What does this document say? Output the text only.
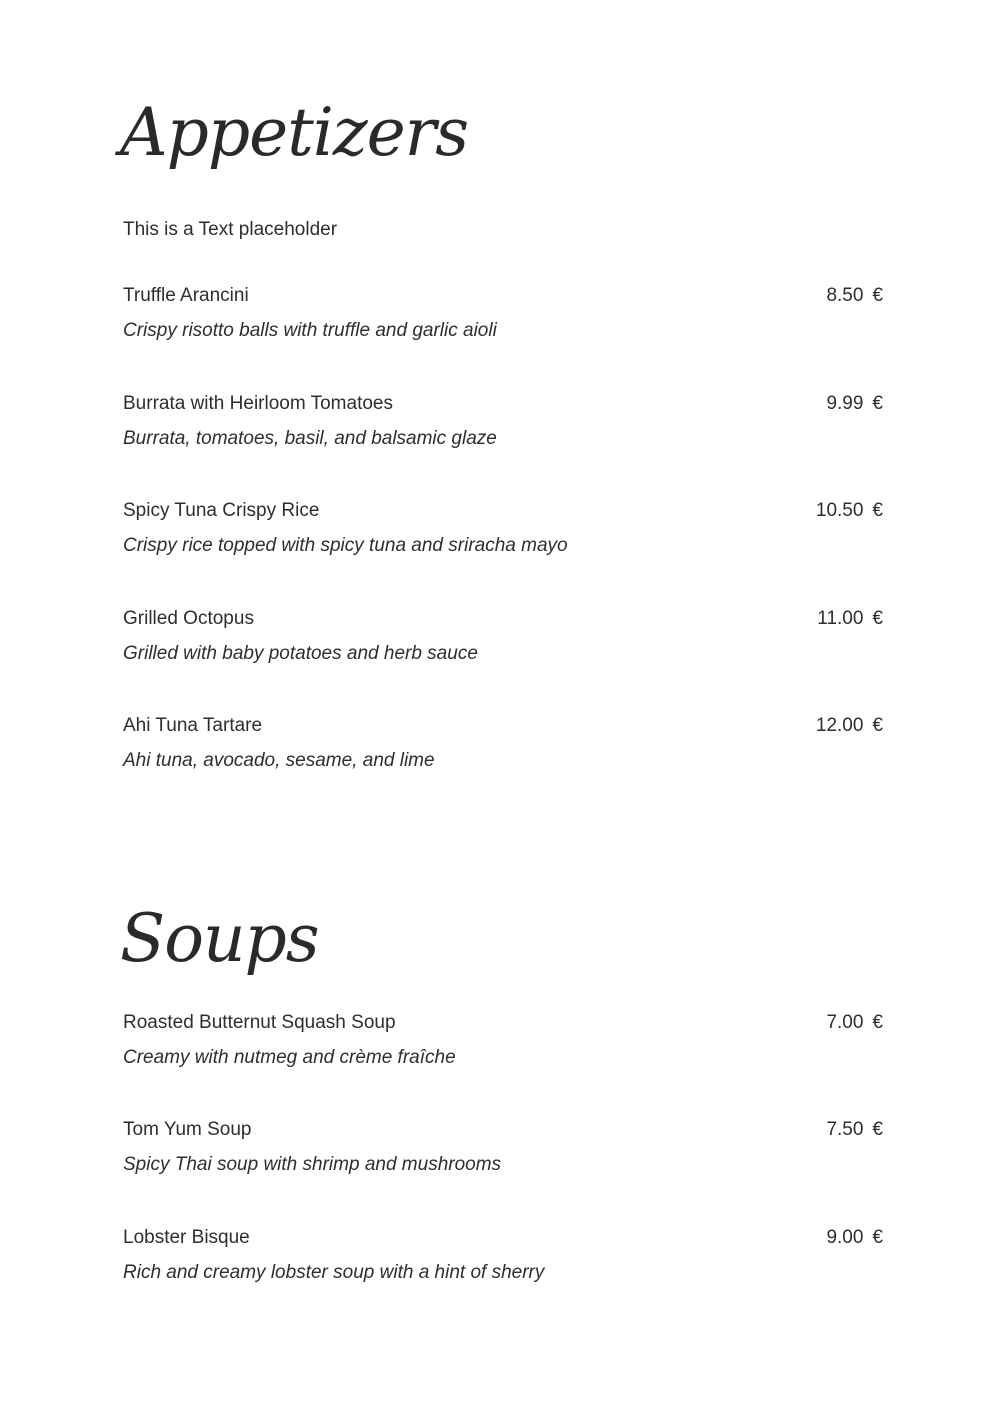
Appetizers
This is a Text placeholder
Truffle Arancini	8.50 €
Crispy risotto balls with truffle and garlic aioli
Burrata with Heirloom Tomatoes	9.99 €
Burrata, tomatoes, basil, and balsamic glaze
Spicy Tuna Crispy Rice	10.50 €
Crispy rice topped with spicy tuna and sriracha mayo
Grilled Octopus	11.00 €
Grilled with baby potatoes and herb sauce
Ahi Tuna Tartare	12.00 €
Ahi tuna, avocado, sesame, and lime
Soups
Roasted Butternut Squash Soup	7.00 €
Creamy with nutmeg and crème fraîche
Tom Yum Soup	7.50 €
Spicy Thai soup with shrimp and mushrooms
Lobster Bisque	9.00 €
Rich and creamy lobster soup with a hint of sherry
